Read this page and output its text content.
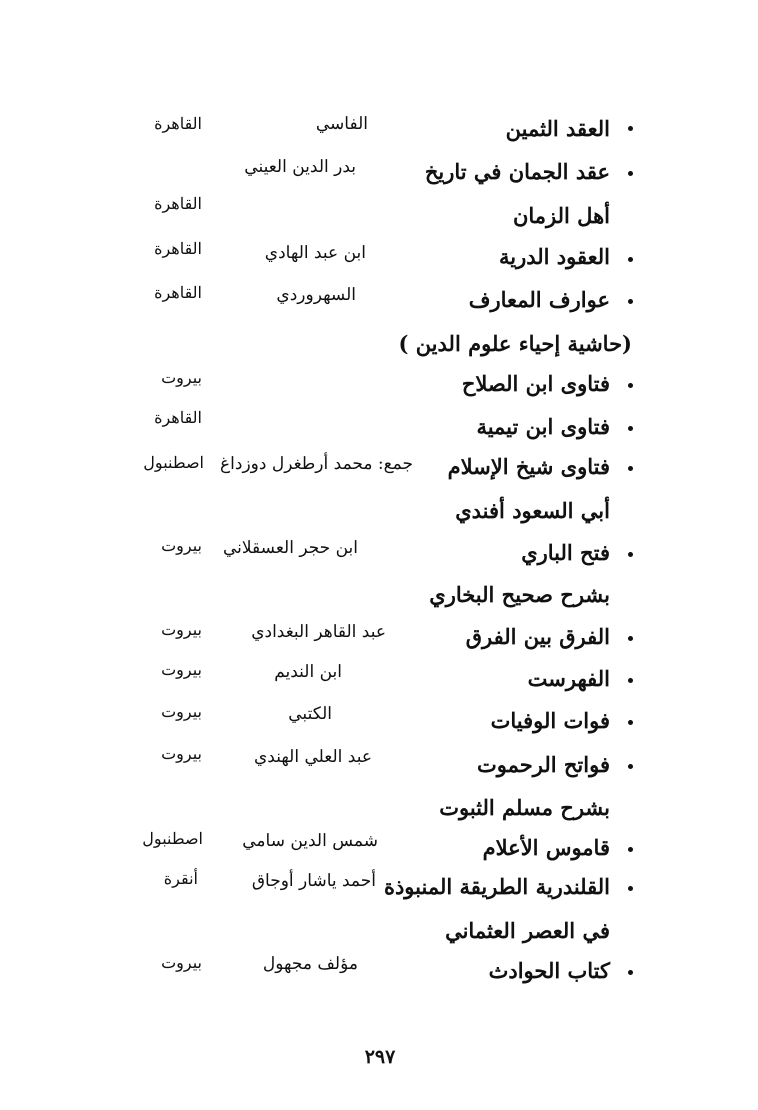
العقد الثمين
الفاسي
القاهرة
عقد الجمان في تاريخ
بدر الدين العيني
أهل الزمان
القاهرة
العقود الدرية
ابن عبد الهادي
القاهرة
عوارف المعارف
السهروردي
القاهرة
(حاشية إحياء علوم الدين )
فتاوى ابن الصلاح
بيروت
فتاوى ابن تيمية
القاهرة
فتاوى شيخ الإسلام
جمع: محمد أرطغرل دوزداغ
اصطنبول
أبي السعود أفندي
فتح الباري
ابن حجر العسقلاني
بيروت
بشرح صحيح البخاري
الفرق بين الفرق
عبد القاهر البغدادي
بيروت
الفهرست
ابن النديم
بيروت
فوات الوفيات
الكتبي
بيروت
فواتح الرحموت
عبد العلي الهندي
بيروت
بشرح مسلم الثبوت
قاموس الأعلام
شمس الدين سامي
اصطنبول
القلندرية الطريقة المنبوذة
أحمد ياشار أوجاق
أنقرة
في العصر العثماني
كتاب الحوادث
مؤلف مجهول
بيروت
٢٩٧
